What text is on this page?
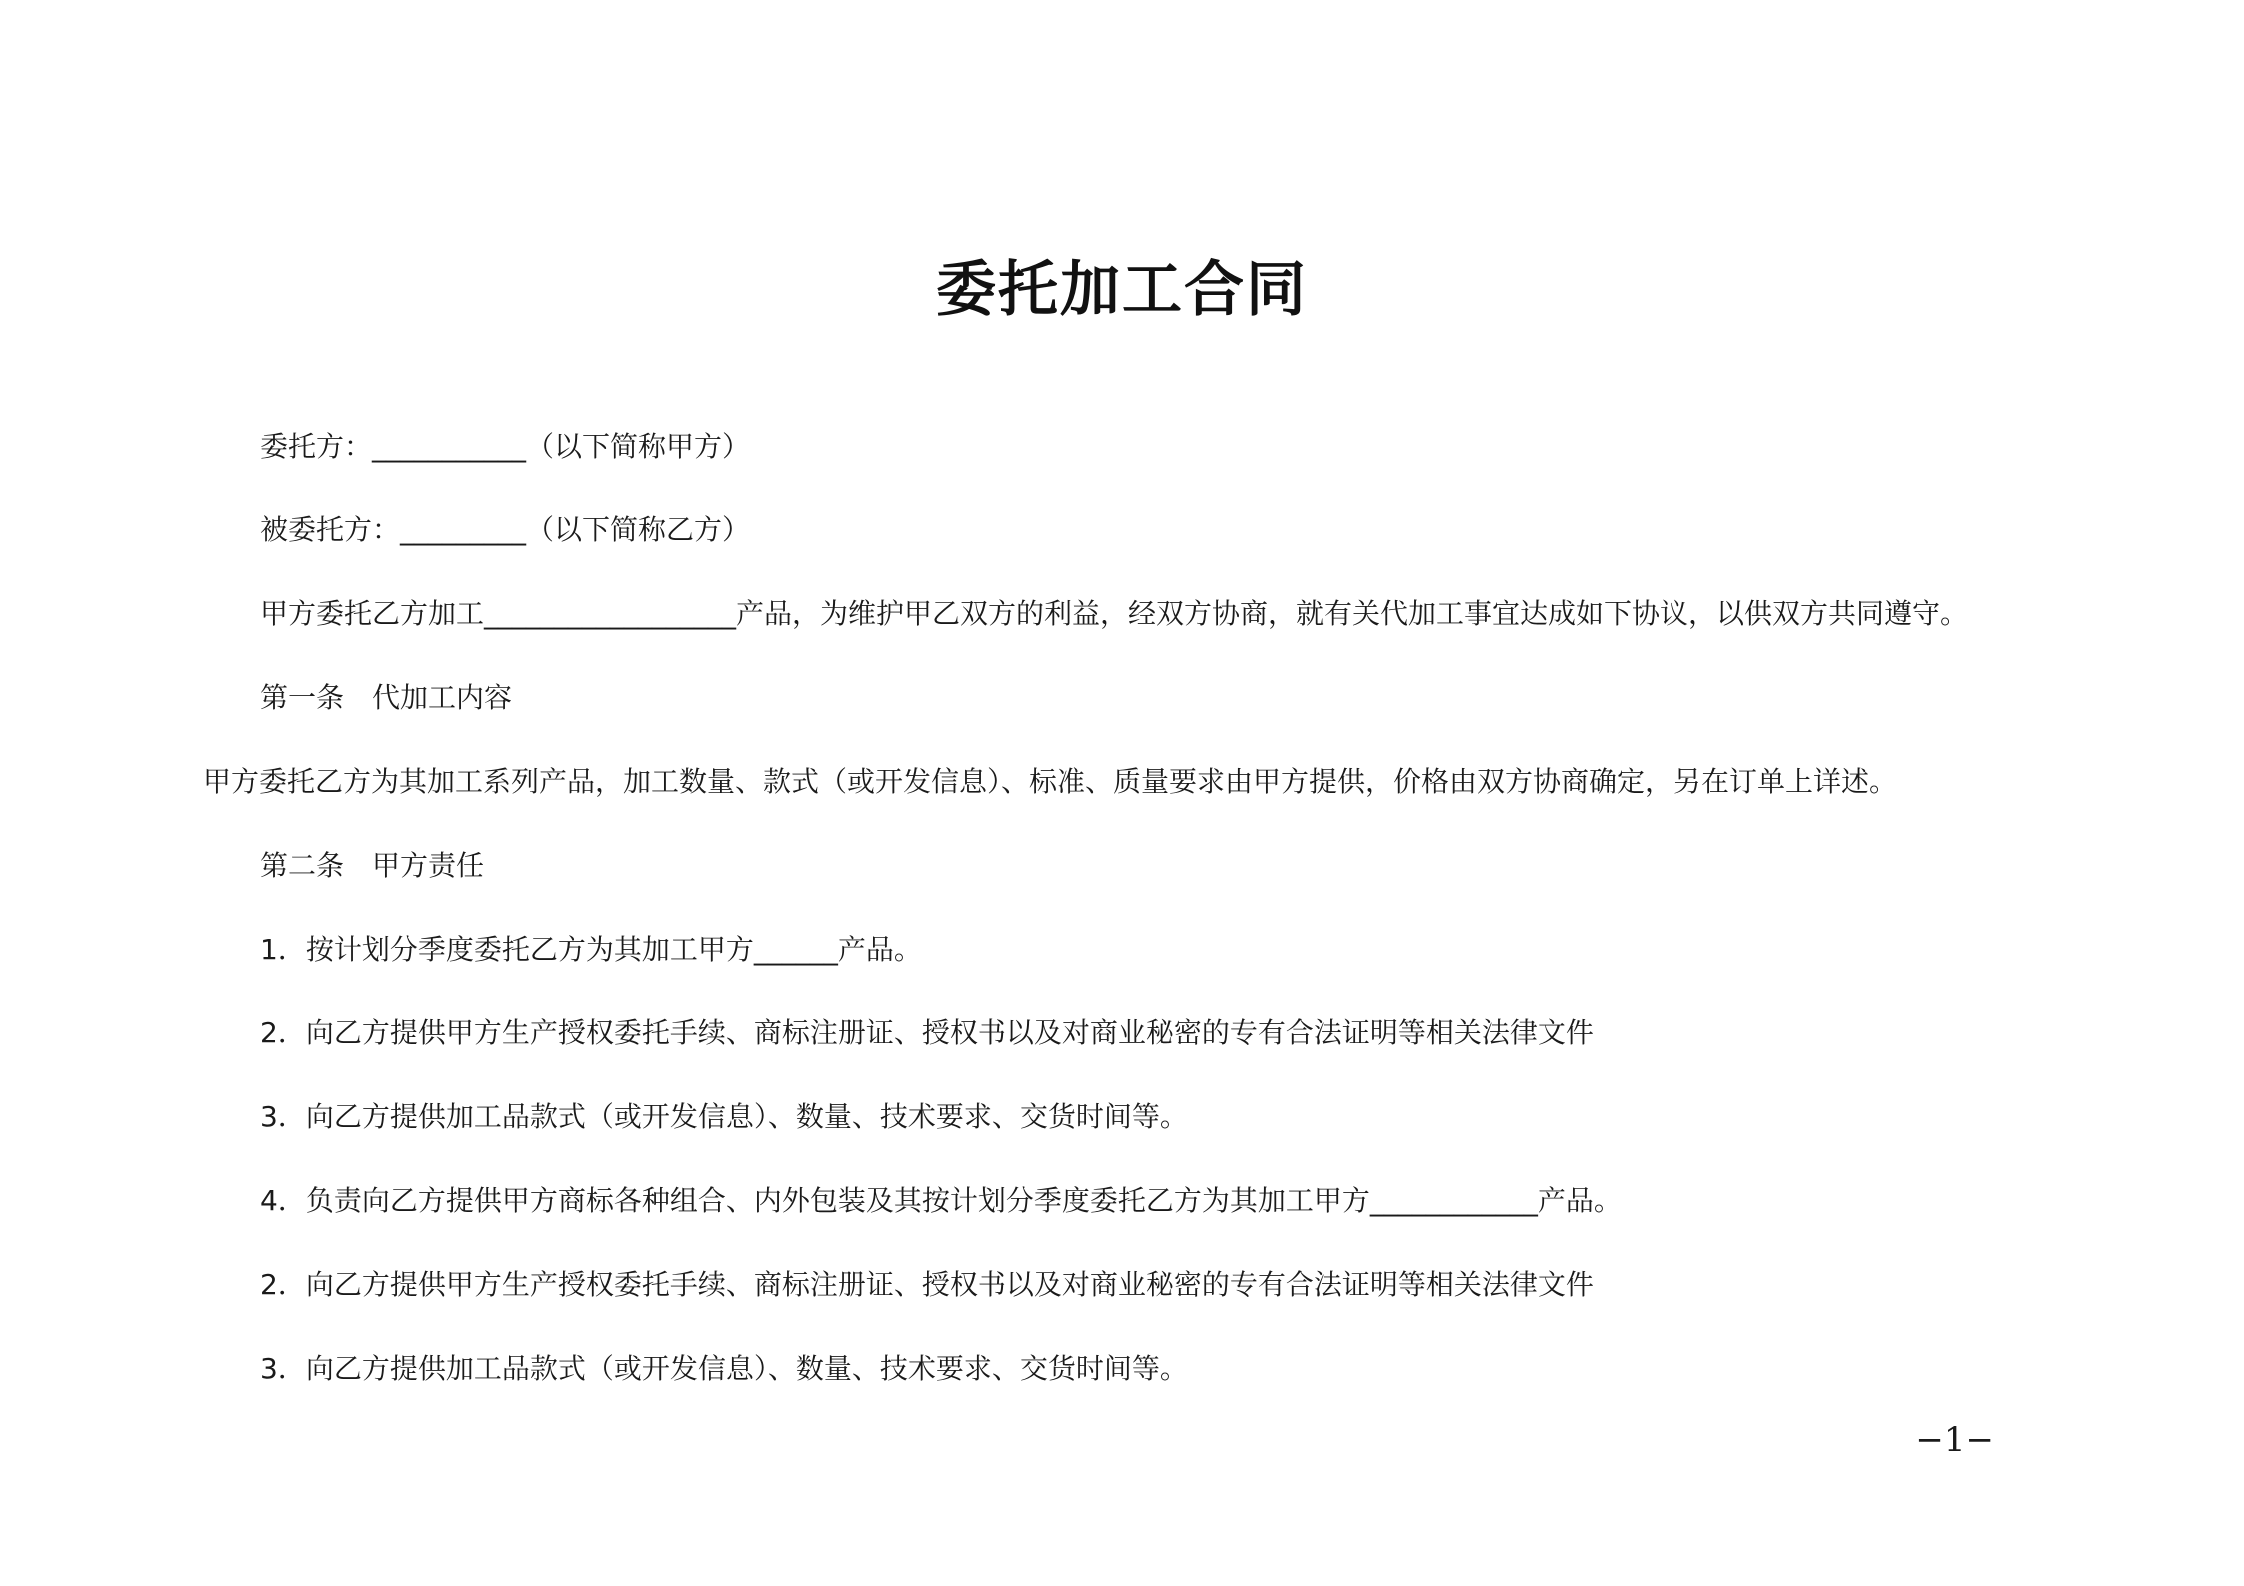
委托加工合同
委托方：___________（以下简称甲方）
被委托方：_________（以下简称乙方）
甲方委托乙方加工__________________产品，为维护甲乙双方的利益，经双方协商，就有关代加工事宜达成如下协议，以供双方共同遵守。
第一条　代加工内容
甲方委托乙方为其加工系列产品，加工数量、款式（或开发信息）、标准、质量要求由甲方提供，价格由双方协商确定，另在订单上详述。
第二条　甲方责任
1．按计划分季度委托乙方为其加工甲方______产品。
2．向乙方提供甲方生产授权委托手续、商标注册证、授权书以及对商业秘密的专有合法证明等相关法律文件
3．向乙方提供加工品款式（或开发信息）、数量、技术要求、交货时间等。
4．负责向乙方提供甲方商标各种组合、内外包装及其按计划分季度委托乙方为其加工甲方____________产品。
2．向乙方提供甲方生产授权委托手续、商标注册证、授权书以及对商业秘密的专有合法证明等相关法律文件
3．向乙方提供加工品款式（或开发信息）、数量、技术要求、交货时间等。
−1−
